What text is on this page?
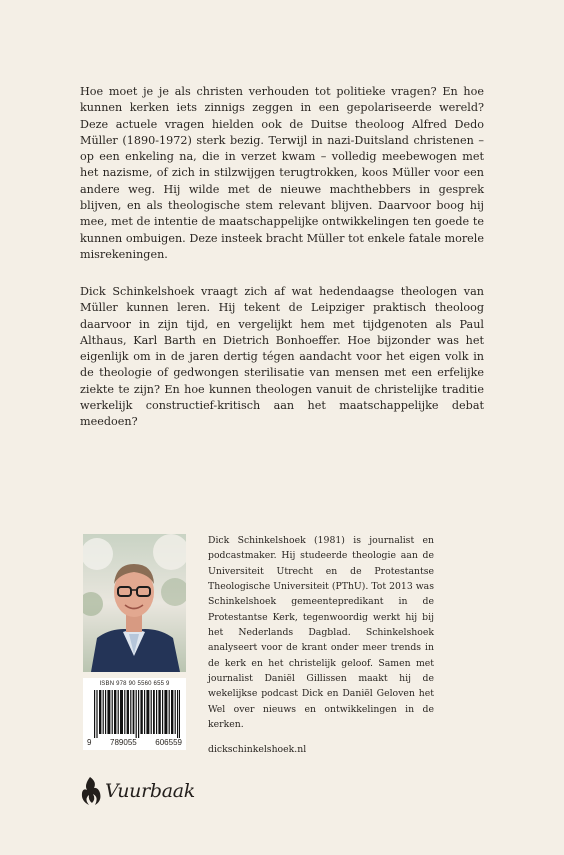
Hoe moet je je als christen verhouden tot politieke vragen? En hoe kunnen kerken iets zinnigs zeggen in een gepolariseerde wereld? Deze actuele vragen hielden ook de Duitse theoloog Alfred Dedo Müller (1890-1972) sterk bezig. Terwijl in nazi-Duitsland christenen – op een enkeling na, die in verzet kwam – volledig meebewogen met het nazisme, of zich in stilzwijgen terugtrokken, koos Müller voor een andere weg. Hij wilde met de nieuwe machthebbers in gesprek blijven, en als theologische stem relevant blijven. Daarvoor boog hij mee, met de intentie de maatschappelijke ontwikkelingen ten goede te kunnen ombuigen. Deze insteek bracht Müller tot enkele fatale morele misrekeningen.

Dick Schinkelshoek vraagt zich af wat hedendaagse theologen van Müller kunnen leren. Hij tekent de Leipziger praktisch theoloog daarvoor in zijn tijd, en vergelijkt hem met tijdgenoten als Paul Althaus, Karl Barth en Dietrich Bonhoeffer. Hoe bijzonder was het eigenlijk om in de jaren dertig tégen aandacht voor het eigen volk in de theologie of gedwongen sterilisatie van mensen met een erfelijke ziekte te zijn? En hoe kunnen theologen vanuit de christelijke traditie werkelijk constructief-kritisch aan het maatschappelijke debat meedoen?

ISBN 978 90 5560 655 9
9 789055 606559

Dick Schinkelshoek (1981) is journalist en podcastmaker. Hij studeerde theologie aan de Universiteit Utrecht en de Protestantse Theologische Universiteit (PThU). Tot 2013 was Schinkelshoek gemeentepredikant in de Protestantse Kerk, tegenwoordig werkt hij bij het Nederlands Dagblad. Schinkelshoek analyseert voor de krant onder meer trends in de kerk en het christelijk geloof. Samen met journalist Daniël Gillissen maakt hij de wekelijkse podcast Dick en Daniël Geloven het Wel over nieuws en ontwikkelingen in de kerken.

dickschinkelshoek.nl
Vuurbaak
